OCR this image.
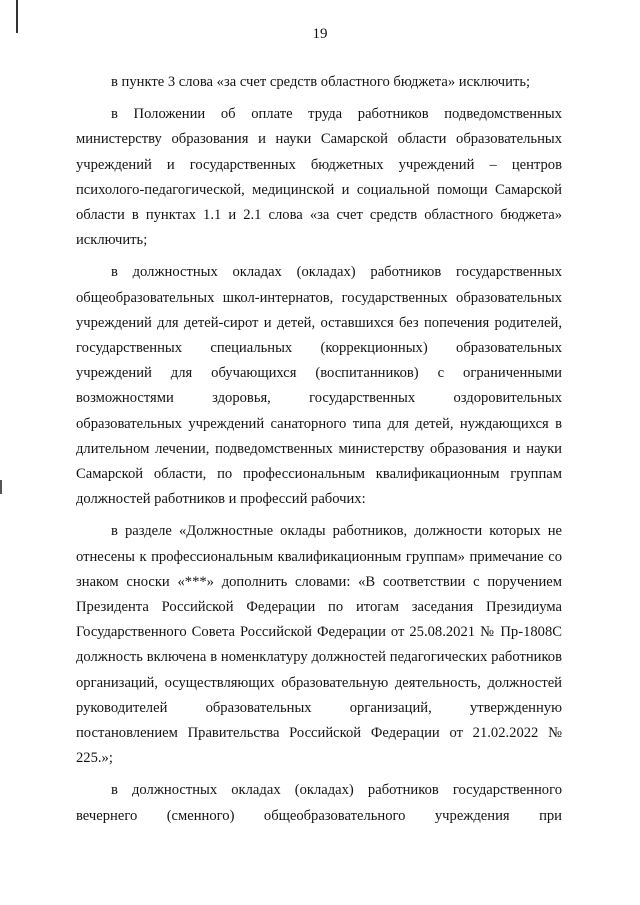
19

в пункте 3 слова «за счет средств областного бюджета» исключить;

в Положении об оплате труда работников подведомственных министерству образования и науки Самарской области образовательных учреждений и государственных бюджетных учреждений – центров психолого-педагогической, медицинской и социальной помощи Самарской области в пунктах 1.1 и 2.1 слова «за счет средств областного бюджета» исключить;

в должностных окладах (окладах) работников государственных общеобразовательных школ-интернатов, государственных образовательных учреждений для детей-сирот и детей, оставшихся без попечения родителей, государственных специальных (коррекционных) образовательных учреждений для обучающихся (воспитанников) с ограниченными возможностями здоровья, государственных оздоровительных образовательных учреждений санаторного типа для детей, нуждающихся в длительном лечении, подведомственных министерству образования и науки Самарской области, по профессиональным квалификационным группам должностей работников и профессий рабочих:

в разделе «Должностные оклады работников, должности которых не отнесены к профессиональным квалификационным группам» примечание со знаком сноски «***» дополнить словами: «В соответствии с поручением Президента Российской Федерации по итогам заседания Президиума Государственного Совета Российской Федерации от 25.08.2021 № Пр-1808С должность включена в номенклатуру должностей педагогических работников организаций, осуществляющих образовательную деятельность, должностей руководителей образовательных организаций, утвержденную постановлением Правительства Российской Федерации от 21.02.2022 № 225.»;

в должностных окладах (окладах) работников государственного вечернего (сменного) общеобразовательного учреждения при
